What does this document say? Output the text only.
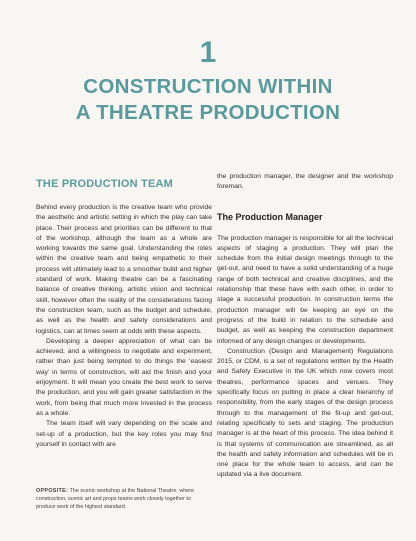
1
CONSTRUCTION WITHIN
A THEATRE PRODUCTION
THE PRODUCTION TEAM

Behind every production is the creative team who provide the aesthetic and artistic setting in which the play can take place. Their process and priorities can be different to that of the workshop, although the team as a whole are working towards the same goal. Understanding the roles within the creative team and being empathetic to their process will ultimately lead to a smoother build and higher standard of work. Making theatre can be a fascinating balance of creative thinking, artistic vision and technical skill, however often the reality of the considerations facing the construction team, such as the budget and schedule, as well as the health and safety considerations and logistics, can at times seem at odds with these aspects.

Developing a deeper appreciation of what can be achieved, and a willingness to negotiate and experiment, rather than just being tempted to do things the ‘easiest way’ in terms of construction, will aid the finish and your enjoyment. It will mean you create the best work to serve the production, and you will gain greater satisfaction in the work, from being that much more invested in the process as a whole.

The team itself will vary depending on the scale and set-up of a production, but the key roles you may find yourself in contact with are

OPPOSITE: The scenic workshop at the National Theatre, where construction, scenic art and props teams work closely together to produce work of the highest standard.

the production manager, the designer and the workshop foreman.

The Production Manager

The production manager is responsible for all the technical aspects of staging a production. They will plan the schedule from the initial design meetings through to the get-out, and need to have a solid understanding of a huge range of both technical and creative disciplines, and the relationship that these have with each other, in order to stage a successful production. In construction terms the production manager will be keeping an eye on the progress of the build in relation to the schedule and budget, as well as keeping the construction department informed of any design changes or developments.

Construction (Design and Management) Regulations 2015, or CDM, is a set of regulations written by the Health and Safety Executive in the UK which now covers most theatres, performance spaces and venues. They specifically focus on putting in place a clear hierarchy of responsibility, from the early stages of the design process through to the management of the fit-up and get-out, relating specifically to sets and staging. The production manager is at the heart of this process. The idea behind it is that systems of communication are streamlined, as all the health and safety information and schedules will be in one place for the whole team to access, and can be updated via a live document.
